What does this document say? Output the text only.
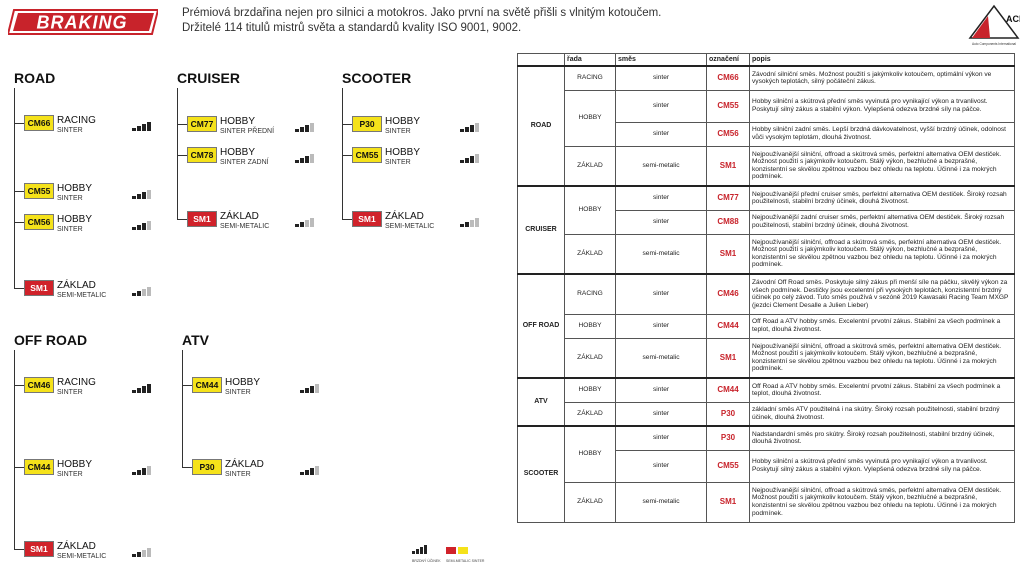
BRAKING	Prémiová brzdařina nejen pro silnici a motokros. Jako první na světě přišli s vlnitým kotoučem.
Držitelé 114 titulů mistrů světa a standardů kvality ISO 9001, 9002.
ACI
Auto Components International
ROAD
CM66 RACING
SINTER
CM55 HOBBY
SINTER
CM56 HOBBY
SINTER
SM1 ZÁKLAD
SEMI-METALIC
CRUISER
CM77 HOBBY
SINTER PŘEDNÍ
CM78 HOBBY
SINTER ZADNÍ
SM1 ZÁKLAD
SEMI-METALIC
SCOOTER
P30	HOBBY
SINTER
CM55 HOBBY
SINTER
SM1 ZÁKLAD
SEMI-METALIC
OFF ROAD
CM46 RACING
SINTER
CM44 HOBBY
SINTER
SM1 ZÁKLAD
SEMI-METALIC
ATV
CM44 HOBBY
SINTER
P30	ZÁKLAD
SINTER
BRZDNÝ ÚČINEK SEMI-METALIC SINTER
	řada	směs	označení	popis
ROAD	RACING	sinter	CM66	Závodní silniční směs. Možnost použití s jakýmkoliv kotoučem, optimální výkon ve vysokých teplotách, silný počáteční zákus.
	HOBBY	sinter	CM55	Hobby silniční a skútrová přední směs vyvinutá pro vynikající výkon a trvanlivost. Poskytují silný zákus a stabilní výkon. Vylepšená odezva brzdné síly na páčce.
		sinter	CM56	Hobby silniční zadní směs. Lepší brzdná dávkovatelnost, vyšší brzdný účinek, odolnost vůči vysokým teplotám, dlouhá životnost.
	ZÁKLAD	semi-metalic	SM1	Nejpoužívanější silniční, offroad a skútrová směs, perfektní alternativa OEM destiček. Možnost použití s jakýmkoliv kotoučem. Stálý výkon, bezhlučné a bezprašné, konzistentní se skvělou zpětnou vazbou bez ohledu na teplotu. Účinné i za mokrých podmínek.
CRUISER	HOBBY	sinter	CM77	Nejpoužívanější přední cruiser směs, perfektní alternativa OEM destiček. Široký rozsah použitelnosti, stabilní brzdný účinek, dlouhá životnost.
		sinter	CM88	Nejpoužívanější zadní cruiser směs, perfektní alternativa OEM destiček. Široký rozsah použitelnosti, stabilní brzdný účinek, dlouhá životnost.
	ZÁKLAD	semi-metalic	SM1	Nejpoužívanější silniční, offroad a skútrová směs, perfektní alternativa OEM destiček. Možnost použití s jakýmkoliv kotoučem. Stálý výkon, bezhlučné a bezprašné, konzistentní se skvělou zpětnou vazbou bez ohledu na teplotu. Účinné i za mokrých podmínek.
OFF ROAD	RACING	sinter	CM46	Závodní Off Road směs. Poskytuje silný zákus při menší síle na páčku, skvělý výkon za všech podmínek. Destičky jsou excelentní při vysokých teplotách, konzistentní brzdný účinek po celý závod. Tuto směs používá v sezóně 2019 Kawasaki Racing Team MXGP (jezdci Clement Desalle a Julien Lieber)
	HOBBY	sinter	CM44	Off Road a ATV hobby směs. Excelentní prvotní zákus. Stabilní za všech podmínek a teplot, dlouhá životnost.
	ZÁKLAD	semi-metalic	SM1	Nejpoužívanější silniční, offroad a skútrová směs, perfektní alternativa OEM destiček. Možnost použití s jakýmkoliv kotoučem. Stálý výkon, bezhlučné a bezprašné, konzistentní se skvělou zpětnou vazbou bez ohledu na teplotu. Účinné i za mokrých podmínek.
ATV	HOBBY	sinter	CM44	Off Road a ATV hobby směs. Excelentní prvotní zákus. Stabilní za všech podmínek a teplot, dlouhá životnost.
	ZÁKLAD	sinter	P30	základní směs ATV použitelná i na skútry. Široký rozsah použitelnosti, stabilní brzdný účinek, dlouhá životnost.
SCOOTER	HOBBY	sinter	P30	Nadstandardní směs pro skútry. Široký rozsah použitelnosti, stabilní brzdný účinek, dlouhá životnost.
		sinter	CM55	Hobby silniční a skútrová přední směs vyvinutá pro vynikající výkon a trvanlivost. Poskytují silný zákus a stabilní výkon. Vylepšená odezva brzdné síly na páčce.
	ZÁKLAD	semi-metalic	SM1	Nejpoužívanější silniční, offroad a skútrová směs, perfektní alternativa OEM destiček. Možnost použití s jakýmkoliv kotoučem. Stálý výkon, bezhlučné a bezprašné, konzistentní se skvělou zpětnou vazbou bez ohledu na teplotu. Účinné i za mokrých podmínek.
